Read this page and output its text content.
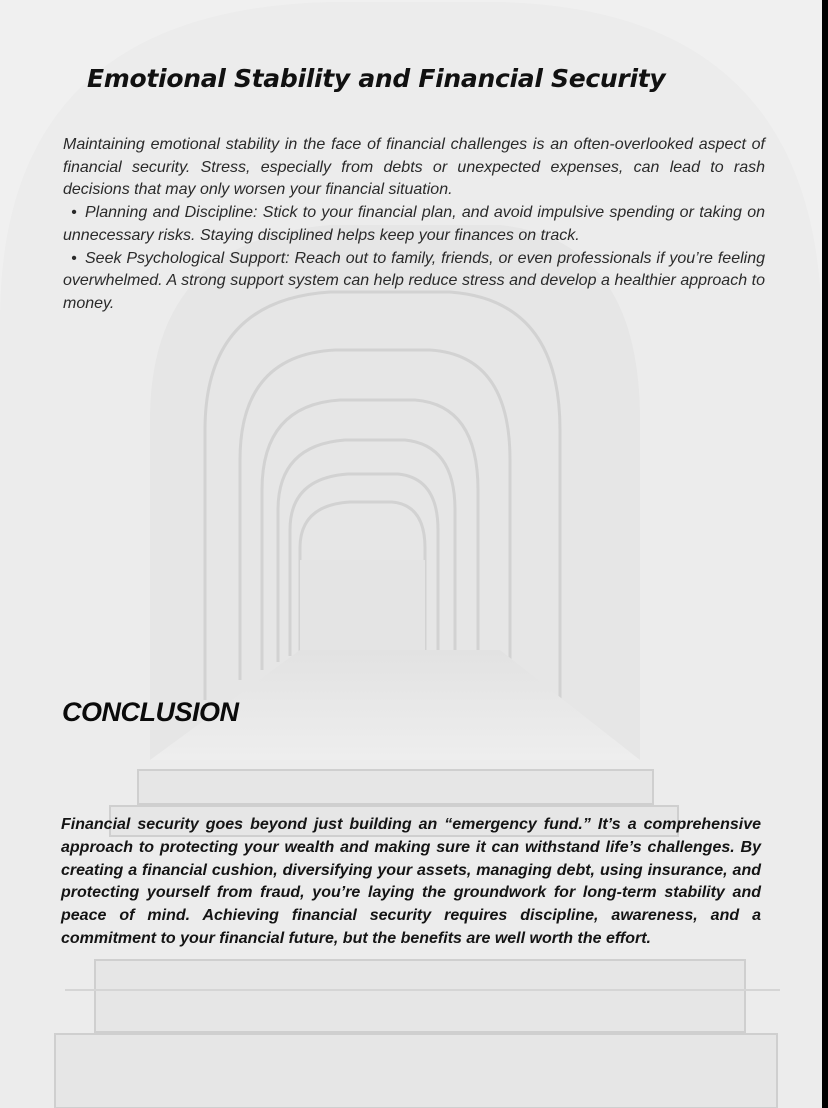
Emotional Stability and Financial Security

Maintaining emotional stability in the face of financial challenges is an often-overlooked aspect of financial security. Stress, especially from debts or unexpected expenses, can lead to rash decisions that may only worsen your financial situation.

• Planning and Discipline: Stick to your financial plan, and avoid impulsive spending or taking on unnecessary risks. Staying disciplined helps keep your finances on track.

• Seek Psychological Support: Reach out to family, friends, or even professionals if you’re feeling overwhelmed. A strong support system can help reduce stress and develop a healthier approach to money.

CONCLUSION

Financial security goes beyond just building an “emergency fund.” It’s a comprehensive approach to protecting your wealth and making sure it can withstand life’s challenges. By creating a financial cushion, diversifying your assets, managing debt, using insurance, and protecting yourself from fraud, you’re laying the groundwork for long-term stability and peace of mind. Achieving financial security requires discipline, awareness, and a commitment to your financial future, but the benefits are well worth the effort.
